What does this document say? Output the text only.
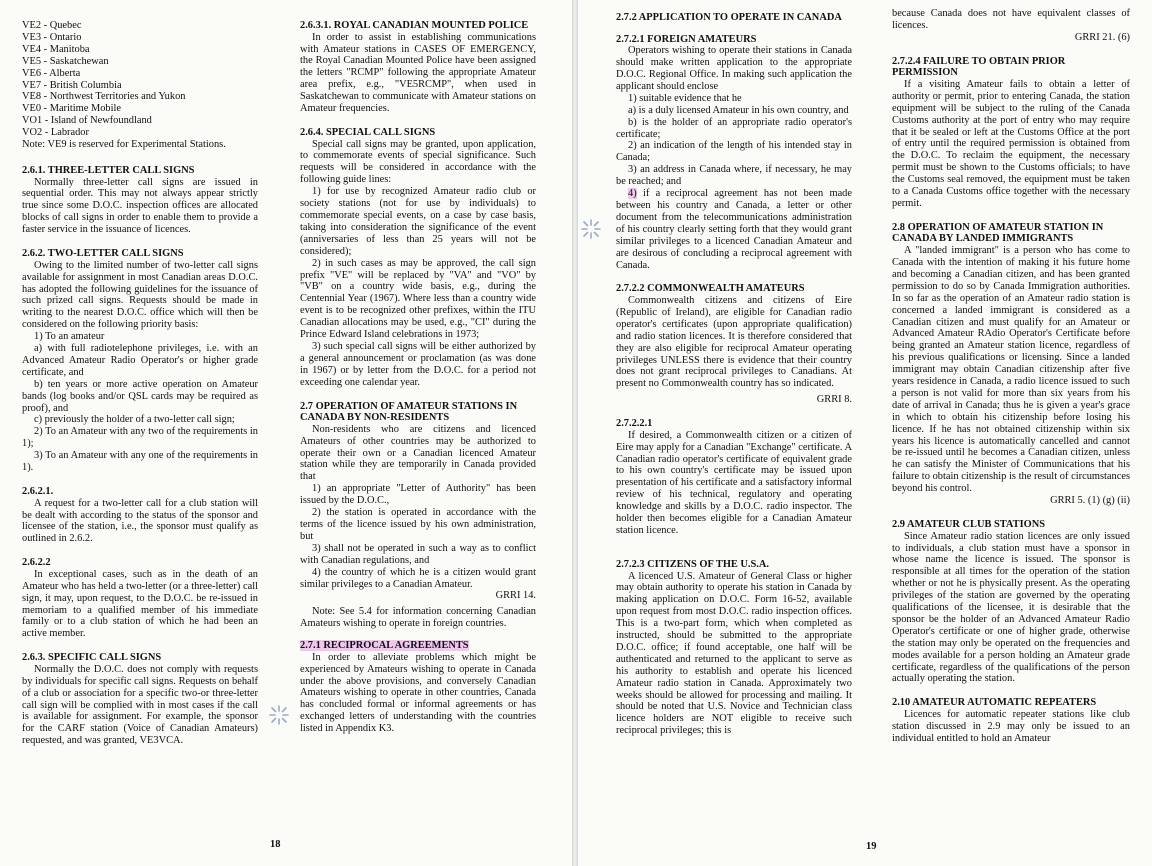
VE2 - Quebec

VE3 - Ontario

VE4 - Manitoba

VE5 - Saskatchewan

VE6 - Alberta

VE7 - British Columbia

VE8 - Northwest Territories and Yukon

VE0 - Maritime Mobile

VO1 - Island of Newfoundland

VO2 - Labrador

Note: VE9 is reserved for Experimental Stations.

2.6.1. THREE-LETTER CALL SIGNS

Normally three-letter call signs are issued in sequential order. This may not always appear strictly true since some D.O.C. inspection offices are allocated blocks of call signs in order to enable them to provide a faster service in the issuance of licences.

2.6.2. TWO-LETTER CALL SIGNS

Owing to the limited number of two-letter call signs available for assignment in most Canadian areas D.O.C. has adopted the following guidelines for the issuance of such prized call signs. Requests should be made in writing to the nearest D.O.C. office which will then be considered on the following priority basis:

1) To an amateur

a) with full radiotelephone privileges, i.e. with an Advanced Amateur Radio Operator's or higher grade certificate, and

b) ten years or more active operation on Amateur bands (log books and/or QSL cards may be required as proof), and

c) previously the holder of a two-letter call sign;

2) To an Amateur with any two of the requirements in 1);

3) To an Amateur with any one of the requirements in 1).

2.6.2.1.

A request for a two-letter call for a club station will be dealt with according to the status of the sponsor and licensee of the station, i.e., the sponsor must qualify as outlined in 2.6.2.

2.6.2.2

In exceptional cases, such as in the death of an Amateur who has held a two-letter (or a three-letter) call sign, it may, upon request, to the D.O.C. be re-issued in memoriam to a qualified member of his immediate family or to a club station of which he had been an active member.

2.6.3. SPECIFIC CALL SIGNS

Normally the D.O.C. does not comply with requests by individuals for specific call signs. Requests on behalf of a club or association for a specific two-or three-letter call sign will be complied with in most cases if the call is available for assignment. For example, the sponsor for the CARF station (Voice of Canadian Amateurs) requested, and was granted, VE3VCA.

2.6.3.1. ROYAL CANADIAN MOUNTED POLICE

In order to assist in establishing communications with Amateur stations in CASES OF EMERGENCY, the Royal Canadian Mounted Police have been assigned the letters "RCMP" following the appropriate Amateur area prefix, e.g., "VE5RCMP", when used in Saskatchewan to communicate with Amateur stations on Amateur frequencies.

2.6.4. SPECIAL CALL SIGNS

Special call signs may be granted, upon application, to commemorate events of special significance. Such requests will be considered in accordance with the following guide lines:

1) for use by recognized Amateur radio club or society stations (not for use by individuals) to commemorate special events, on a case by case basis, taking into consideration the significance of the event (anniversaries of less than 25 years will not be considered);

2) in such cases as may be approved, the call sign prefix "VE" will be replaced by "VA" and "VO" by "VB" on a country wide basis, e.g., during the Centennial Year (1967). Where less than a country wide event is to be recognized other prefixes, within the ITU Canadian allocations may be used, e.g., "CI" during the Prince Edward Island celebrations in 1973;

3) such special call signs will be either authorized by a general announcement or proclamation (as was done in 1967) or by letter from the D.O.C. for a period not exceeding one calendar year.

2.7 OPERATION OF AMATEUR STATIONS IN CANADA BY NON-RESIDENTS

Non-residents who are citizens and licenced Amateurs of other countries may be authorized to operate their own or a Canadian licenced Amateur station while they are temporarily in Canada provided that

1) an appropriate "Letter of Authority" has been issued by the D.O.C.,

2) the station is operated in accordance with the terms of the licence issued by his own administration, but

3) shall not be operated in such a way as to conflict with Canadian regulations, and

4) the country of which he is a citizen would grant similar privileges to a Canadian Amateur.

GRRI 14.

Note: See 5.4 for information concerning Canadian Amateurs wishing to operate in foreign countries.

2.7.1 RECIPROCAL AGREEMENTS

In order to alleviate problems which might be experienced by Amateurs wishing to operate in Canada under the above provisions, and conversely Canadian Amateurs wishing to operate in other countries, Canada has concluded formal or informal agreements or has exchanged letters of understanding with the countries listed in Appendix K3.

18

2.7.2 APPLICATION TO OPERATE IN CANADA

2.7.2.1 FOREIGN AMATEURS

Operators wishing to operate their stations in Canada should make written application to the appropriate D.O.C. Regional Office. In making such application the applicant should enclose

1) suitable evidence that he

a) is a duly licensed Amateur in his own country, and

b) is the holder of an appropriate radio operator's certificate;

2) an indication of the length of his intended stay in Canada;

3) an address in Canada where, if necessary, he may be reached; and

4) if a reciprocal agreement has not been made between his country and Canada, a letter or other document from the telecommunications administration of his country clearly setting forth that they would grant similar privileges to a licenced Canadian Amateur and are desirous of concluding a reciprocal agreement with Canada.

2.7.2.2 COMMONWEALTH AMATEURS

Commonwealth citizens and citizens of Eire (Republic of Ireland), are eligible for Canadian radio operator's certificates (upon appropriate qualification) and radio station licences. It is therefore considered that they are also eligible for reciprocal Amateur operating privileges UNLESS there is evidence that their country does not grant reciprocal privileges to Canadians. At present no Commonwealth country has so indicated.

GRRI 8.

2.7.2.2.1

If desired, a Commonwealth citizen or a citizen of Eire may apply for a Canadian "Exchange" certificate. A Canadian radio operator's certificate of equivalent grade to his own country's certificate may be issued upon presentation of his certificate and a satisfactory informal review of his technical, regulatory and operating knowledge and skills by a D.O.C. radio inspector. The holder then becomes eligible for a Canadian Amateur station licence.

2.7.2.3 CITIZENS OF THE U.S.A.

A licenced U.S. Amateur of General Class or higher may obtain authority to operate his station in Canada by making application on D.O.C. Form 16-52, available upon request from most D.O.C. radio inspection offices. This is a two-part form, which when completed as instructed, should be submitted to the appropriate D.O.C. office; if found acceptable, one half will be authenticated and returned to the applicant to serve as his authority to establish and operate his licenced Amateur radio station in Canada. Approximately two weeks should be allowed for processing and mailing. It should be noted that U.S. Novice and Technician class licence holders are NOT eligible to receive such reciprocal privileges; this is

because Canada does not have equivalent classes of licences.

GRRI 21. (6)

2.7.2.4 FAILURE TO OBTAIN PRIOR PERMISSION

If a visiting Amateur fails to obtain a letter of authority or permit, prior to entering Canada, the station equipment will be subject to the ruling of the Canada Customs authority at the port of entry who may require that it be sealed or left at the Customs Office at the port of entry until the required permission is obtained from the D.O.C. To reclaim the equipment, the necessary permit must be shown to the Customs officials; to have the Customs seal removed, the equipment must be taken to a Canada Customs office together with the necessary permit.

2.8 OPERATION OF AMATEUR STATION IN CANADA BY LANDED IMMIGRANTS

A "landed immigrant" is a person who has come to Canada with the intention of making it his future home and becoming a Canadian citizen, and has been granted permission to do so by Canada Immigration authorities. In so far as the operation of an Amateur radio station is concerned a landed immigrant is considered as a Canadian citizen and must qualify for an Amateur or Advanced Amateur RAdio Operator's Certificate before being granted an Amateur station licence, regardless of his previous qualifications or licensing. Since a landed immigrant may obtain Canadian citizenship after five years residence in Canada, a radio licence issued to such a person is not valid for more than six years from his date of arrival in Canada; thus he is given a year's grace in which to obtain his citizenship before losing his licence. If he has not obtained citizenship within six years his licence is automatically cancelled and cannot be re-issued until he becomes a Canadian citizen, unless he can satisfy the Minister of Communications that his failure to obtain citizenship is the result of circumstances beyond his control.

GRRI 5. (1) (g) (ii)

2.9 AMATEUR CLUB STATIONS

Since Amateur radio station licences are only issued to individuals, a club station must have a sponsor in whose name the licence is issued. The sponsor is responsible at all times for the operation of the station whether or not he is physically present. As the operating privileges of the station are governed by the operating qualifications of the licensee, it is desirable that the sponsor be the holder of an Advanced Amateur Radio Operator's certificate or one of higher grade, otherwise the station may only be operated on the frequencies and modes available for a person holding an Amateur grade certificate, regardless of the qualifications of the person actually operating the station.

2.10 AMATEUR AUTOMATIC REPEATERS

Licences for automatic repeater stations like club station discussed in 2.9 may only be issued to an individual entitled to hold an Amateur

19
